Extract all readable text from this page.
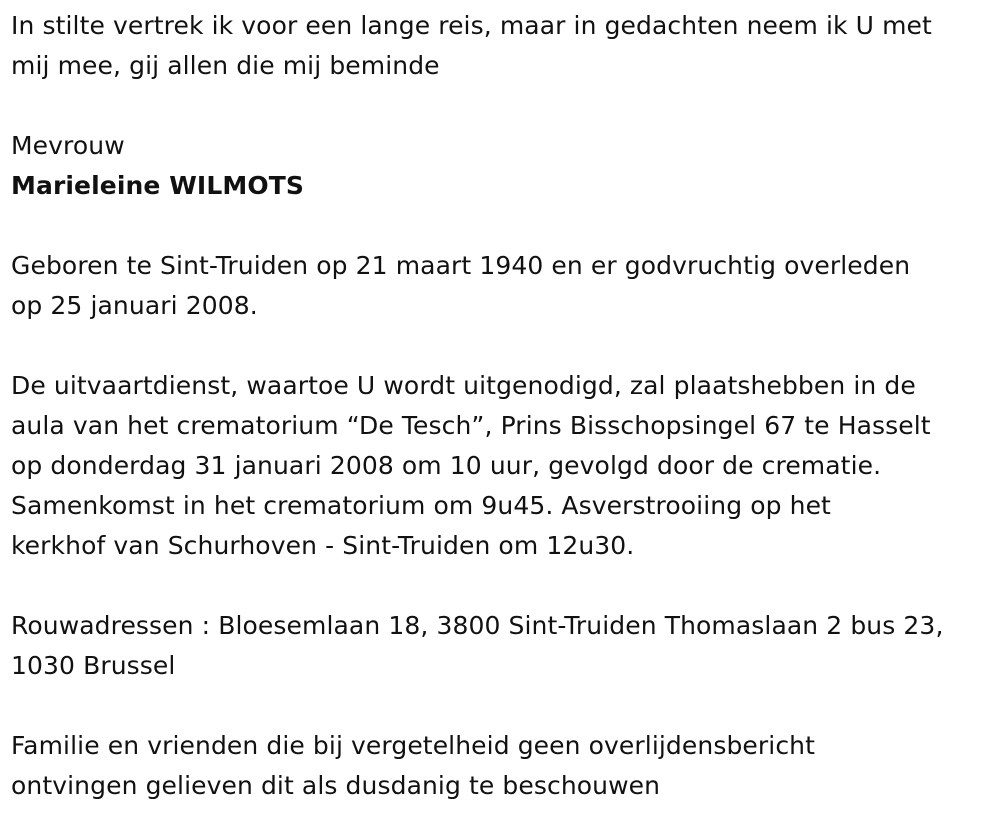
In stilte vertrek ik voor een lange reis, maar in gedachten neem ik U met
mij mee, gij allen die mij beminde
Mevrouw
Marieleine WILMOTS
Geboren te Sint-Truiden op 21 maart 1940 en er godvruchtig overleden
op 25 januari 2008.
De uitvaartdienst, waartoe U wordt uitgenodigd, zal plaatshebben in de
aula van het crematorium “De Tesch”, Prins Bisschopsingel 67 te Hasselt
op donderdag 31 januari 2008 om 10 uur, gevolgd door de crematie.
Samenkomst in het crematorium om 9u45. Asverstrooiing op het
kerkhof van Schurhoven - Sint-Truiden om 12u30.
Rouwadressen : Bloesemlaan 18, 3800 Sint-Truiden Thomaslaan 2 bus 23,
1030 Brussel
Familie en vrienden die bij vergetelheid geen overlijdensbericht
ontvingen gelieven dit als dusdanig te beschouwen
